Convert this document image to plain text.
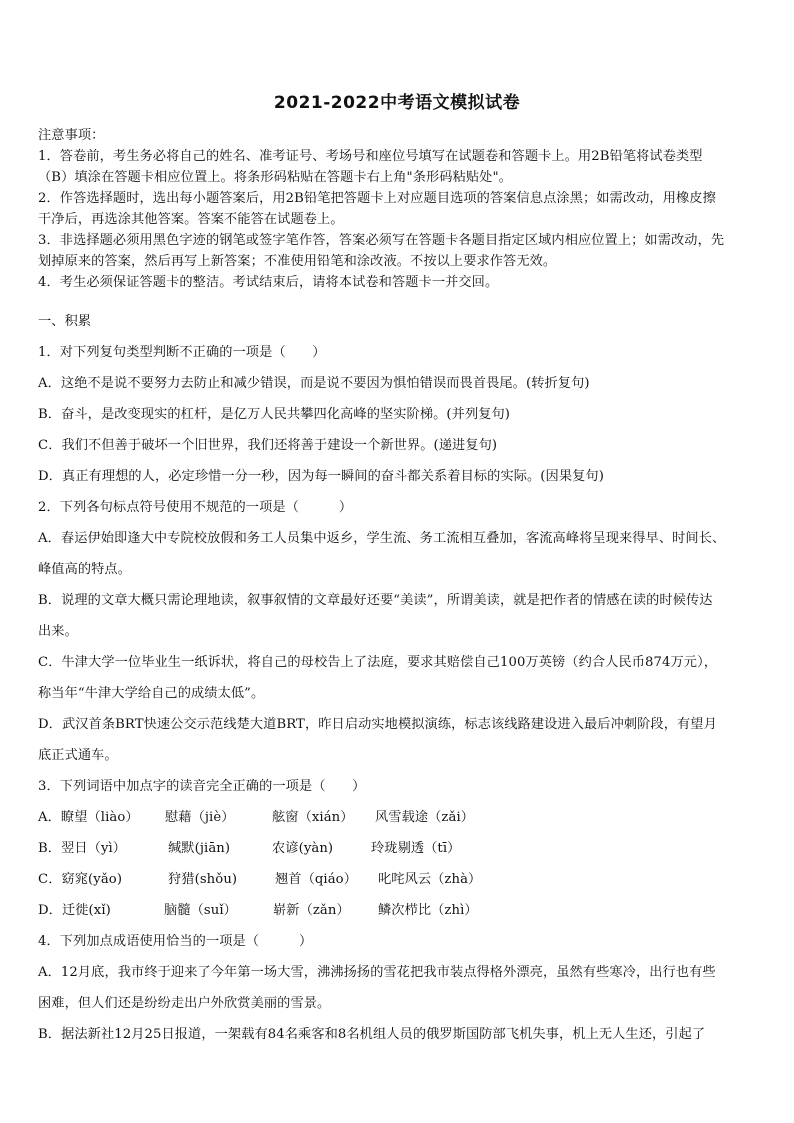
2021-2022中考语文模拟试卷
注意事项：
1．答卷前，考生务必将自己的姓名、准考证号、考场号和座位号填写在试题卷和答题卡上。用2B铅笔将试卷类型
（B）填涂在答题卡相应位置上。将条形码粘贴在答题卡右上角"条形码粘贴处"。
2．作答选择题时，选出每小题答案后，用2B铅笔把答题卡上对应题目选项的答案信息点涂黑；如需改动，用橡皮擦
干净后，再选涂其他答案。答案不能答在试题卷上。
3．非选择题必须用黑色字迹的钢笔或签字笔作答，答案必须写在答题卡各题目指定区域内相应位置上；如需改动，先
划掉原来的答案，然后再写上新答案；不准使用铅笔和涂改液。不按以上要求作答无效。
4．考生必须保证答题卡的整洁。考试结束后，请将本试卷和答题卡一并交回。
一、积累
1．对下列复句类型判断不正确的一项是（　　）
A．这绝不是说不要努力去防止和减少错误，而是说不要因为惧怕错误而畏首畏尾。(转折复句)
B．奋斗，是改变现实的杠杆，是亿万人民共攀四化高峰的坚实阶梯。(并列复句)
C．我们不但善于破坏一个旧世界，我们还将善于建设一个新世界。(递进复句)
D．真正有理想的人，必定珍惜一分一秒，因为每一瞬间的奋斗都关系着目标的实际。(因果复句)
2．下列各句标点符号使用不规范的一项是（　　　）
A．春运伊始即逢大中专院校放假和务工人员集中返乡，学生流、务工流相互叠加，客流高峰将呈现来得早、时间长、
峰值高的特点。
B．说理的文章大概只需论理地读，叙事叙情的文章最好还要“美读”，所谓美读，就是把作者的情感在读的时候传达
出来。
C．牛津大学一位毕业生一纸诉状，将自己的母校告上了法庭，要求其赔偿自己100万英镑（约合人民币874万元），
称当年“牛津大学给自己的成绩太低”。
D．武汉首条BRT快速公交示范线楚大道BRT，昨日启动实地模拟演练，标志该线路建设进入最后冲刺阶段，有望月
底正式通车。
3．下列词语中加点字的读音完全正确的一项是（　　）
A．瞭望（liào） 慰藉（jiè）	舷窗（xián） 风雪载途（zǎi）
B．翌日（yì）	缄默(jiān)	农谚(yàn)	玲珑剔透（tī）
C．窈窕(yǎo)	狩猎(shǒu)	翘首（qiáo） 叱咤风云（zhà）
D．迁徙(xǐ)	脑髓（suǐ）	崭新（zǎn） 鳞次栉比（zhì）
4．下列加点成语使用恰当的一项是（　　　）
A．12月底，我市终于迎来了今年第一场大雪，沸沸扬扬的雪花把我市装点得格外漂亮，虽然有些寒冷，出行也有些
困难，但人们还是纷纷走出户外欣赏美丽的雪景。
B．据法新社12月25日报道，一架载有84名乘客和8名机组人员的俄罗斯国防部飞机失事，机上无人生还，引起了
